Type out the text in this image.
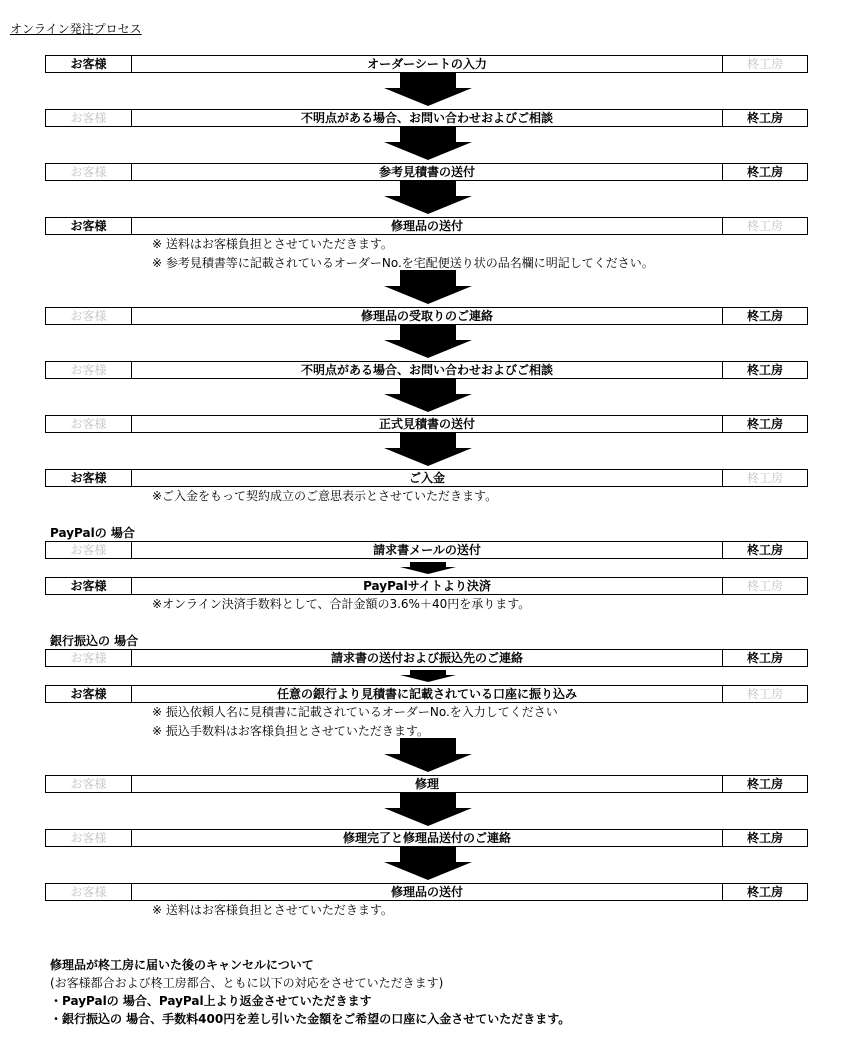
オンライン発注プロセス
PayPalの 場合
銀行振込の 場合
お客様	オーダーシートの入力	柊工房
お客様	不明点がある場合、お問い合わせおよびご相談	柊工房
お客様	参考見積書の送付	柊工房
お客様	修理品の送付	柊工房
※ 送料はお客様負担とさせていただきます。
※ 参考見積書等に記載されているオーダーNo.を宅配便送り状の品名欄に明記してください。
お客様	修理品の受取りのご連絡	柊工房
お客様	不明点がある場合、お問い合わせおよびご相談	柊工房
お客様	正式見積書の送付	柊工房
お客様	ご入金	柊工房
※ご入金をもって契約成立のご意思表示とさせていただきます。
お客様	請求書メールの送付	柊工房
お客様	PayPalサイトより決済	柊工房
※オンライン決済手数料として、合計金額の3.6%＋40円を承ります。
お客様	請求書の送付および振込先のご連絡	柊工房
お客様	任意の銀行より見積書に記載されている口座に振り込み	柊工房
※ 振込依頼人名に見積書に記載されているオーダーNo.を入力してください
※ 振込手数料はお客様負担とさせていただきます。
お客様	修理	柊工房
お客様	修理完了と修理品送付のご連絡	柊工房
お客様	修理品の送付	柊工房
※ 送料はお客様負担とさせていただきます。
修理品が柊工房に届いた後のキャンセルについて
(お客様都合および柊工房都合、ともに以下の対応をさせていただきます)
・PayPalの 場合、PayPal上より返金させていただきます
・銀行振込の 場合、手数料400円を差し引いた金額をご希望の口座に入金させていただきます。
